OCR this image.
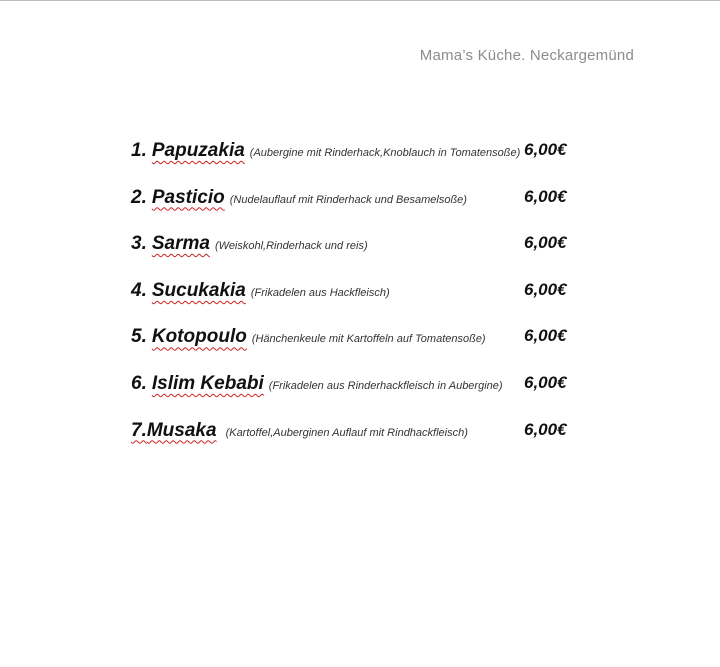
Mama’s Küche. Neckargemünd
1. Papuzakia (Aubergine mit Rinderhack,Knoblauch in Tomatensoße) 6,00€
2. Pasticio (Nudelauflauf mit Rinderhack und Besamelsoße)	6,00€
3. Sarma (Weiskohl,Rinderhack und reis)	6,00€
4. Sucukakia (Frikadelen aus Hackfleisch)	6,00€
5. Kotopoulo (Hänchenkeule mit Kartoffeln auf Tomatensoße) 6,00€
6. Islim Kebabi (Frikadelen aus Rinderhackfleisch in Aubergine) 6,00€
7. Musaka (Kartoffel,Auberginen Auflauf mit Rindhackfleisch)	6,00€
